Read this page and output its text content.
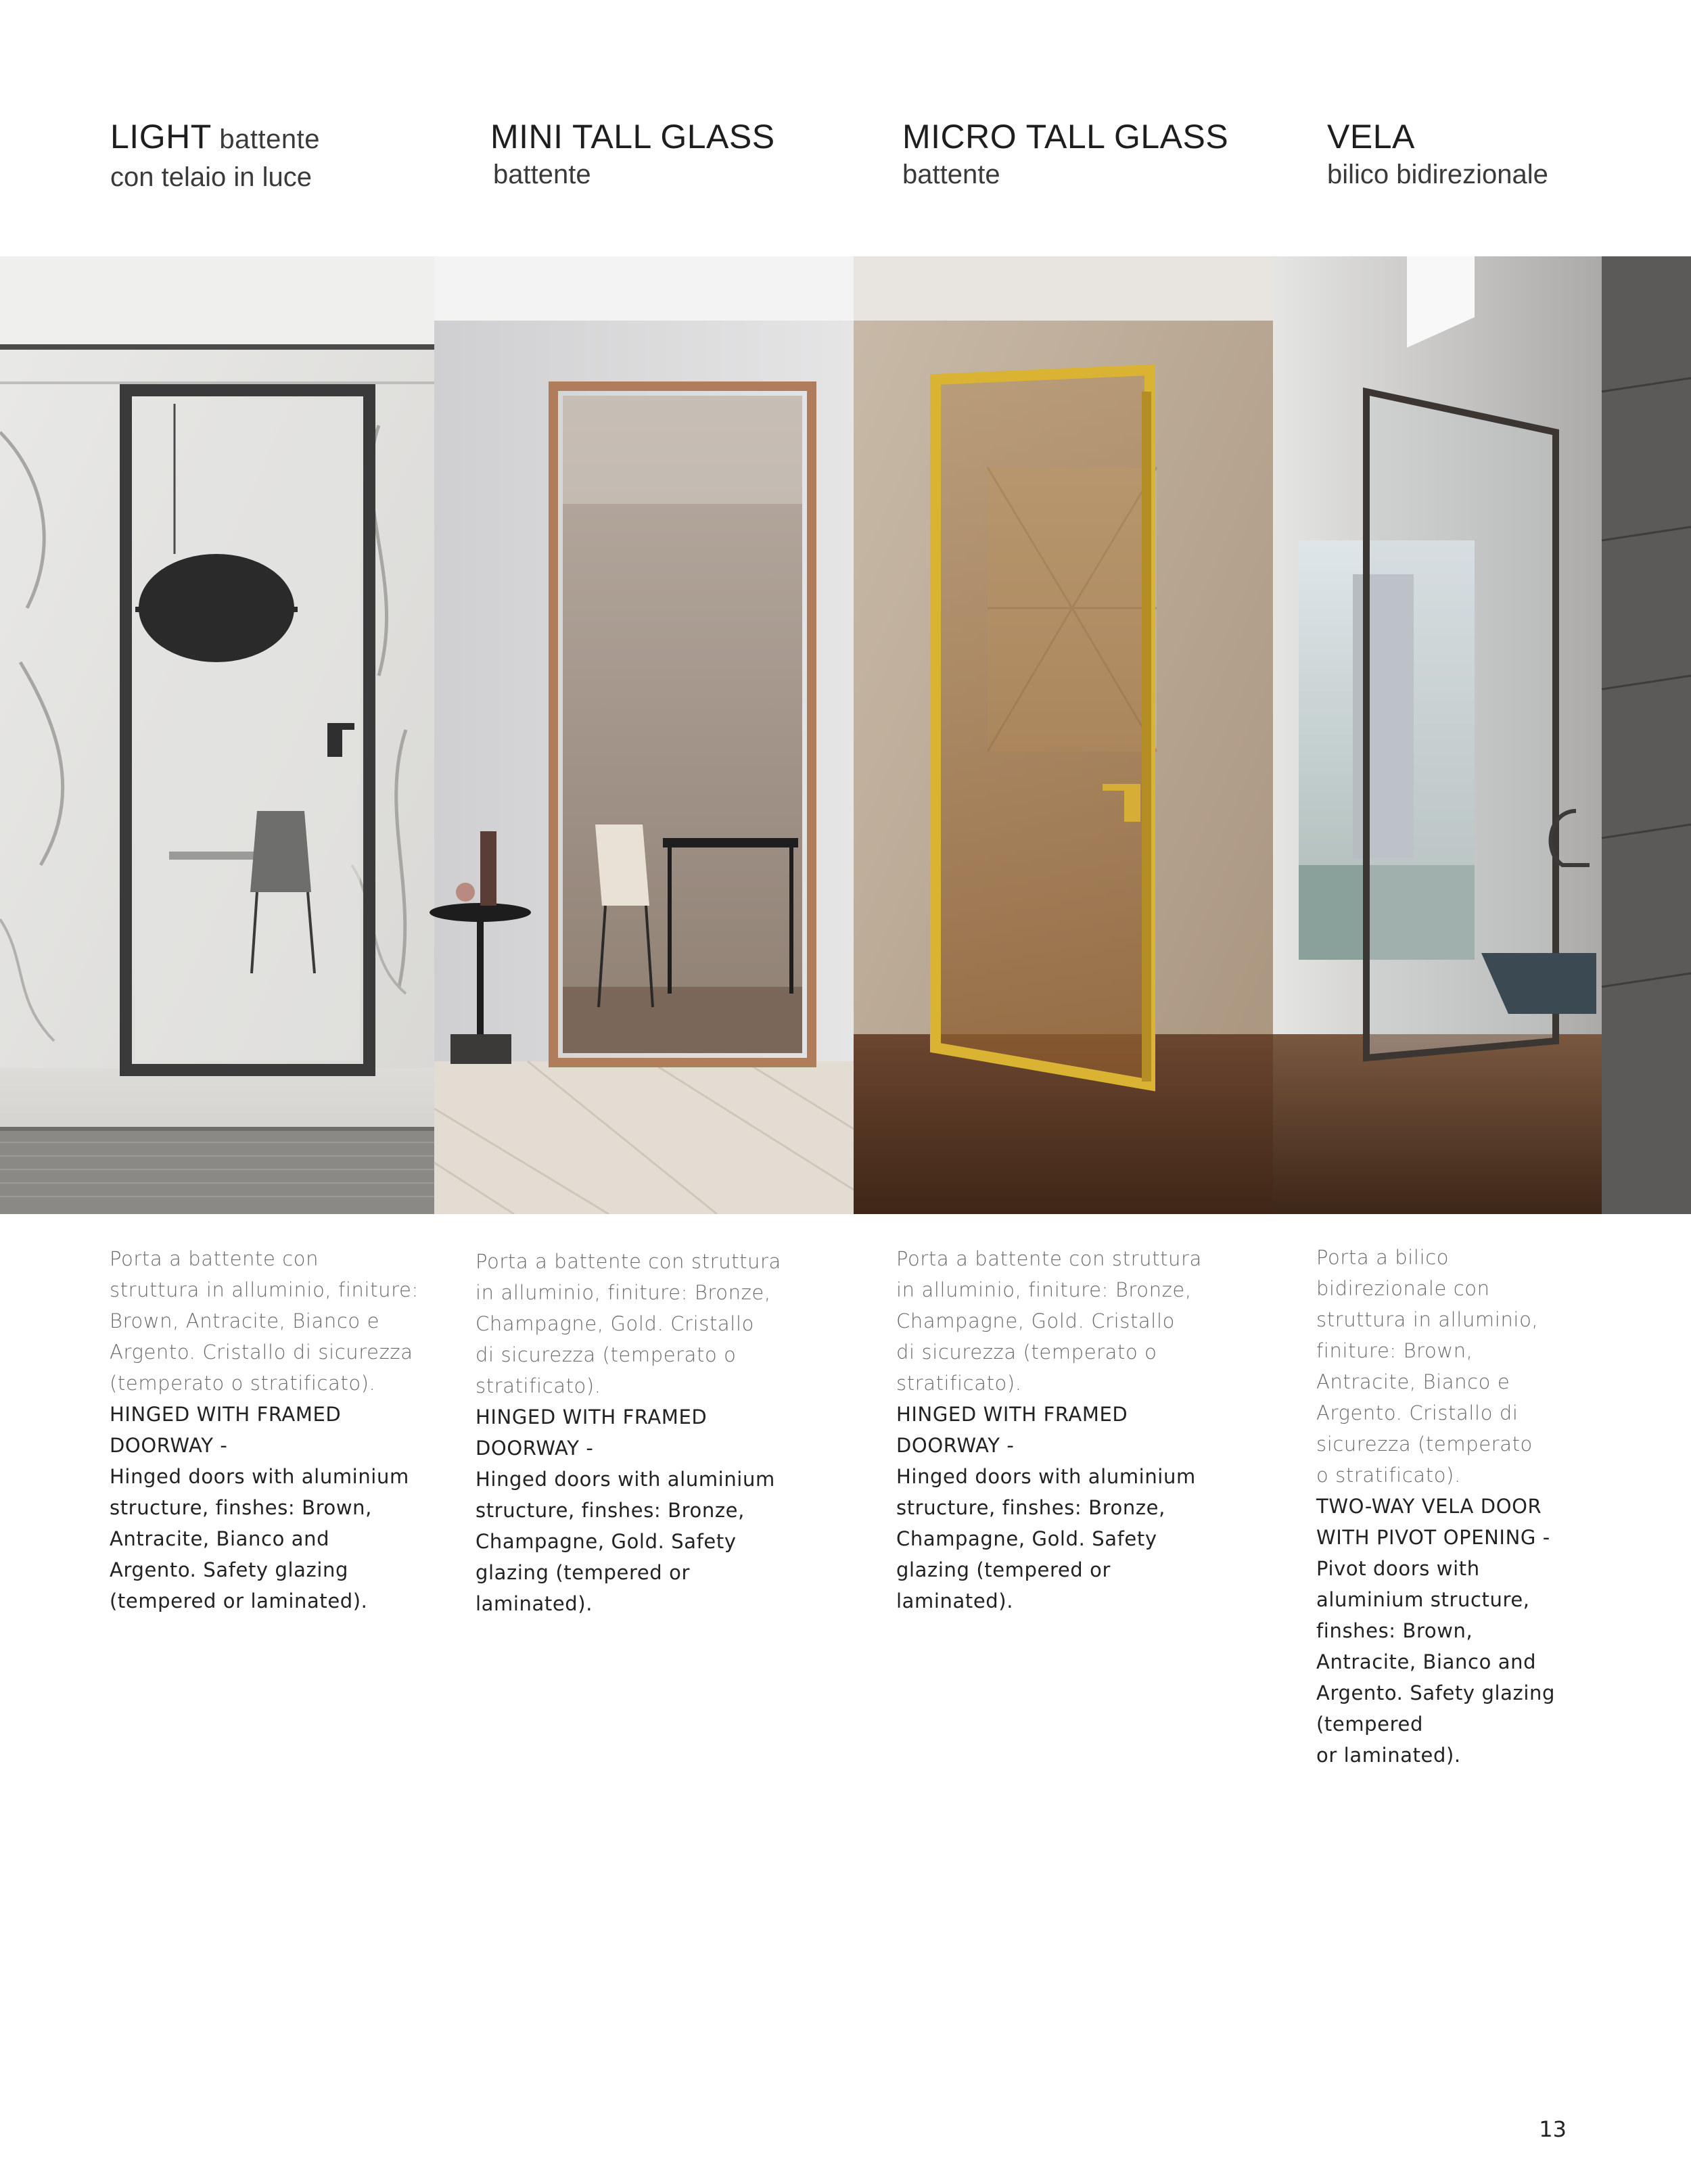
LIGHT battente
con telaio in luce
MINI TALL GLASS
battente
MICRO TALL GLASS
battente
VELA
bilico bidirezionale
Porta a battente con
struttura in alluminio, finiture:
Brown, Antracite, Bianco e
Argento. Cristallo di sicurezza
(temperato o stratificato).
HINGED WITH FRAMED
DOORWAY -
Hinged doors with aluminium
structure, finshes: Brown,
Antracite, Bianco and
Argento. Safety glazing
(tempered or laminated).
Porta a battente con struttura
in alluminio, finiture: Bronze,
Champagne, Gold. Cristallo
di sicurezza (temperato o
stratificato).
HINGED WITH FRAMED
DOORWAY -
Hinged doors with aluminium
structure, finshes: Bronze,
Champagne, Gold. Safety
glazing (tempered or
laminated).
Porta a battente con struttura
in alluminio, finiture: Bronze,
Champagne, Gold. Cristallo
di sicurezza (temperato o
stratificato).
HINGED WITH FRAMED
DOORWAY -
Hinged doors with aluminium
structure, finshes: Bronze,
Champagne, Gold. Safety
glazing (tempered or
laminated).
Porta a bilico
bidirezionale con
struttura in alluminio,
finiture: Brown,
Antracite, Bianco e
Argento. Cristallo di
sicurezza (temperato
o stratificato).
TWO-WAY VELA DOOR
WITH PIVOT OPENING -
Pivot doors with
aluminium structure,
finshes: Brown,
Antracite, Bianco and
Argento. Safety glazing
(tempered
or laminated).
13
